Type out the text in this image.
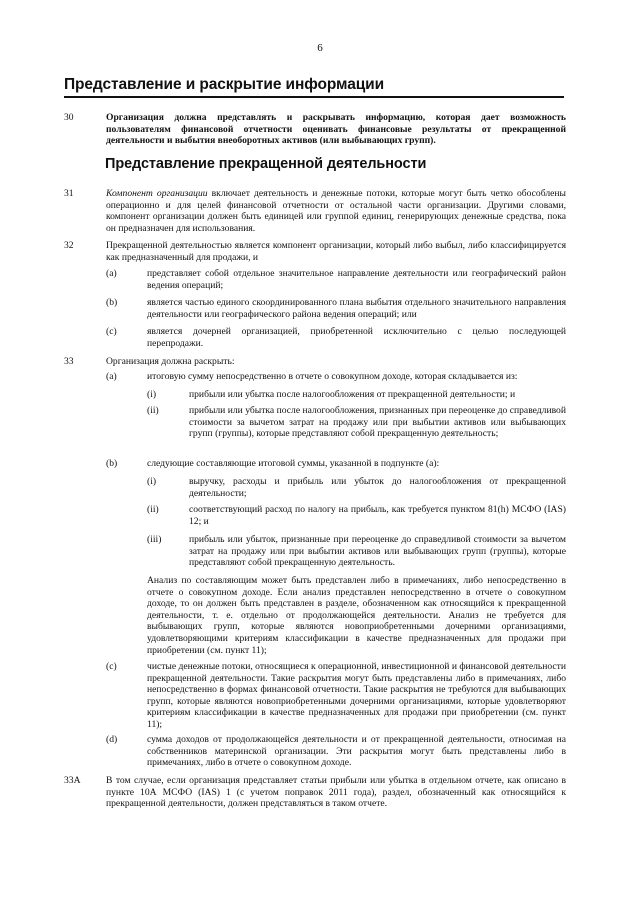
6
Представление и раскрытие информации
30	Организация должна представлять и раскрывать информацию, которая дает возможность пользователям финансовой отчетности оценивать финансовые результаты от прекращенной деятельности и выбытия внеоборотных активов (или выбывающих групп).

Представление прекращенной деятельности
31	Компонент организации включает деятельность и денежные потоки, которые могут быть четко обособлены операционно и для целей финансовой отчетности от остальной части организации. Другими словами, компонент организации должен быть единицей или группой единиц, генерирующих денежные средства, пока он предназначен для использования.

32	Прекращенной деятельностью является компонент организации, который либо выбыл, либо классифицируется как предназначенный для продажи, и

(a)	представляет собой отдельное значительное направление деятельности или географический район ведения операций;

(b)	является частью единого скоординированного плана выбытия отдельного значительного направления деятельности или географического района ведения операций; или

(c)	является дочерней организацией, приобретенной исключительно с целью последующей перепродажи.

33	Организация должна раскрыть:

(a)	итоговую сумму непосредственно в отчете о совокупном доходе, которая складывается из:

(i)	прибыли или убытка после налогообложения от прекращенной деятельности; и

(ii)	прибыли или убытка после налогообложения, признанных при переоценке до справедливой стоимости за вычетом затрат на продажу или при выбытии активов или выбывающих групп (группы), которые представляют собой прекращенную деятельность;

(b)	следующие составляющие итоговой суммы, указанной в подпункте (а):

(i)	выручку, расходы и прибыль или убыток до налогообложения от прекращенной деятельности;

(ii)	соответствующий расход по налогу на прибыль, как требуется пунктом 81(h) МСФО (IAS) 12; и

(iii)	прибыль или убыток, признанные при переоценке до справедливой стоимости за вычетом затрат на продажу или при выбытии активов или выбывающих групп (группы), которые представляют собой прекращенную деятельность.

Анализ по составляющим может быть представлен либо в примечаниях, либо непосредственно в отчете о совокупном доходе. Если анализ представлен непосредственно в отчете о совокупном доходе, то он должен быть представлен в разделе, обозначенном как относящийся к прекращенной деятельности, т. е. отдельно от продолжающейся деятельности. Анализ не требуется для выбывающих групп, которые являются новоприобретенными дочерними организациями, удовлетворяющими критериям классификации в качестве предназначенных для продажи при приобретении (см. пункт 11);

(c)	чистые денежные потоки, относящиеся к операционной, инвестиционной и финансовой деятельности прекращенной деятельности. Такие раскрытия могут быть представлены либо в примечаниях, либо непосредственно в формах финансовой отчетности. Такие раскрытия не требуются для выбывающих групп, которые являются новоприобретенными дочерними организациями, которые удовлетворяют критериям классификации в качестве предназначенных для продажи при приобретении (см. пункт 11);

(d)	сумма доходов от продолжающейся деятельности и от прекращенной деятельности, относимая на собственников материнской организации. Эти раскрытия могут быть представлены либо в примечаниях, либо в отчете о совокупном доходе.

33A	В том случае, если организация представляет статьи прибыли или убытка в отдельном отчете, как описано в пункте 10А МСФО (IAS) 1 (с учетом поправок 2011 года), раздел, обозначенный как относящийся к прекращенной деятельности, должен представляться в таком отчете.
